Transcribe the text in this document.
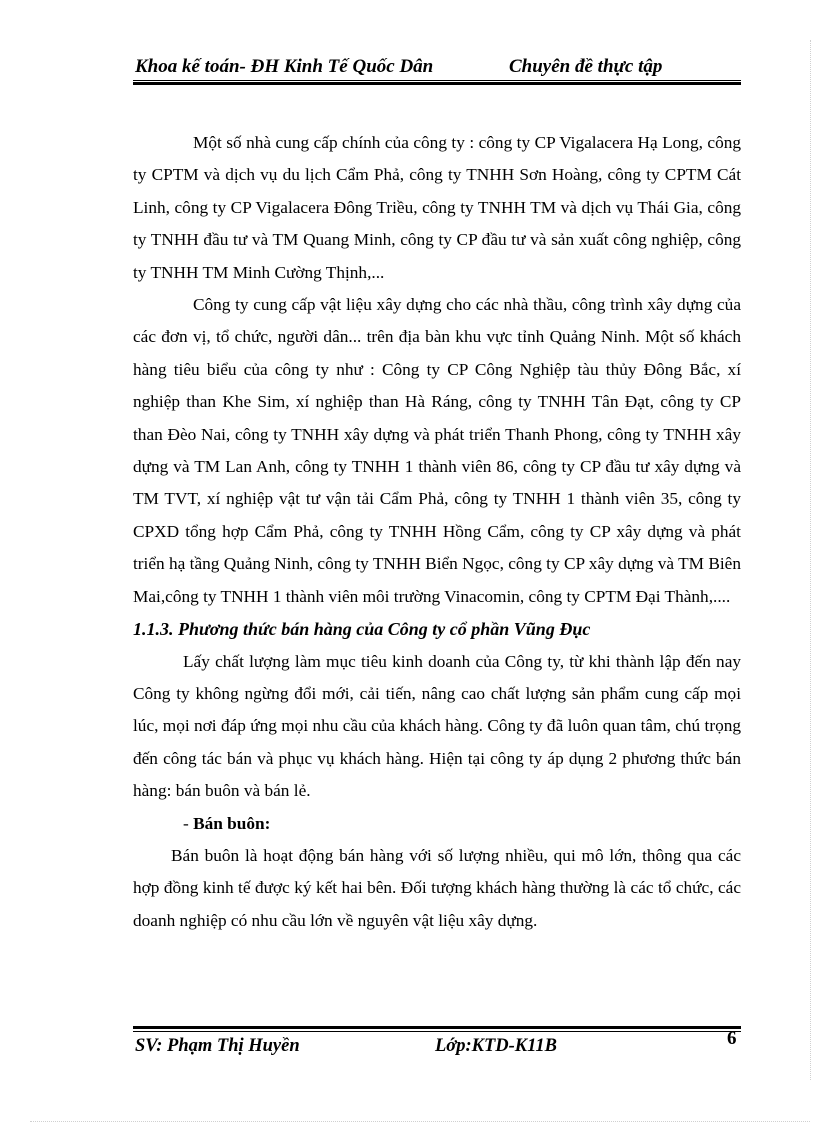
Khoa kế toán- ĐH Kinh Tế Quốc Dân	Chuyên đề thực tập

Một số nhà cung cấp chính của công ty : công ty CP Vigalacera Hạ Long, công ty CPTM và dịch vụ du lịch Cẩm Phả, công ty TNHH Sơn Hoàng, công ty CPTM Cát Linh, công ty CP Vigalacera Đông Triều, công ty TNHH TM và dịch vụ Thái Gia, công ty TNHH đầu tư và TM Quang Minh, công ty CP đầu tư và sản xuất công nghiệp, công ty TNHH TM Minh Cường Thịnh,...

Công ty cung cấp vật liệu xây dựng cho các nhà thầu, công trình xây dựng của các đơn vị, tổ chức, người dân... trên địa bàn khu vực tỉnh Quảng Ninh. Một số khách hàng tiêu biểu của công ty như : Công ty CP Công Nghiệp tàu thủy Đông Bắc, xí nghiệp than Khe Sim, xí nghiệp than Hà Ráng, công ty TNHH Tân Đạt, công ty CP than Đèo Nai, công ty TNHH xây dựng và phát triển Thanh Phong, công ty TNHH xây dựng và TM Lan Anh, công ty TNHH 1 thành viên 86, công ty CP đầu tư xây dựng và TM TVT, xí nghiệp vật tư vận tải Cẩm Phả, công ty TNHH 1 thành viên 35, công ty CPXD tổng hợp Cẩm Phả, công ty TNHH Hồng Cẩm, công ty CP xây dựng và phát triển hạ tầng Quảng Ninh, công ty TNHH Biển Ngọc, công ty CP xây dựng và TM Biên Mai,công ty TNHH 1 thành viên môi trường Vinacomin, công ty CPTM Đại Thành,....

1.1.3. Phương thức bán hàng của Công ty cổ phần Vũng Đục

Lấy chất lượng làm mục tiêu kinh doanh của Công ty, từ khi thành lập đến nay Công ty không ngừng đổi mới, cải tiến, nâng cao chất lượng sản phẩm cung cấp mọi lúc, mọi nơi đáp ứng mọi nhu cầu của khách hàng. Công ty đã luôn quan tâm, chú trọng đến công tác bán và phục vụ khách hàng. Hiện tại công ty áp dụng 2 phương thức bán hàng: bán buôn và bán lẻ.

- Bán buôn:

Bán buôn là hoạt động bán hàng với số lượng nhiều, qui mô lớn, thông qua các hợp đồng kinh tế được ký kết hai bên. Đối tượng khách hàng thường là các tổ chức, các doanh nghiệp có nhu cầu lớn về nguyên vật liệu xây dựng.

SV: Phạm Thị Huyền	Lớp:KTD-K11B	6
